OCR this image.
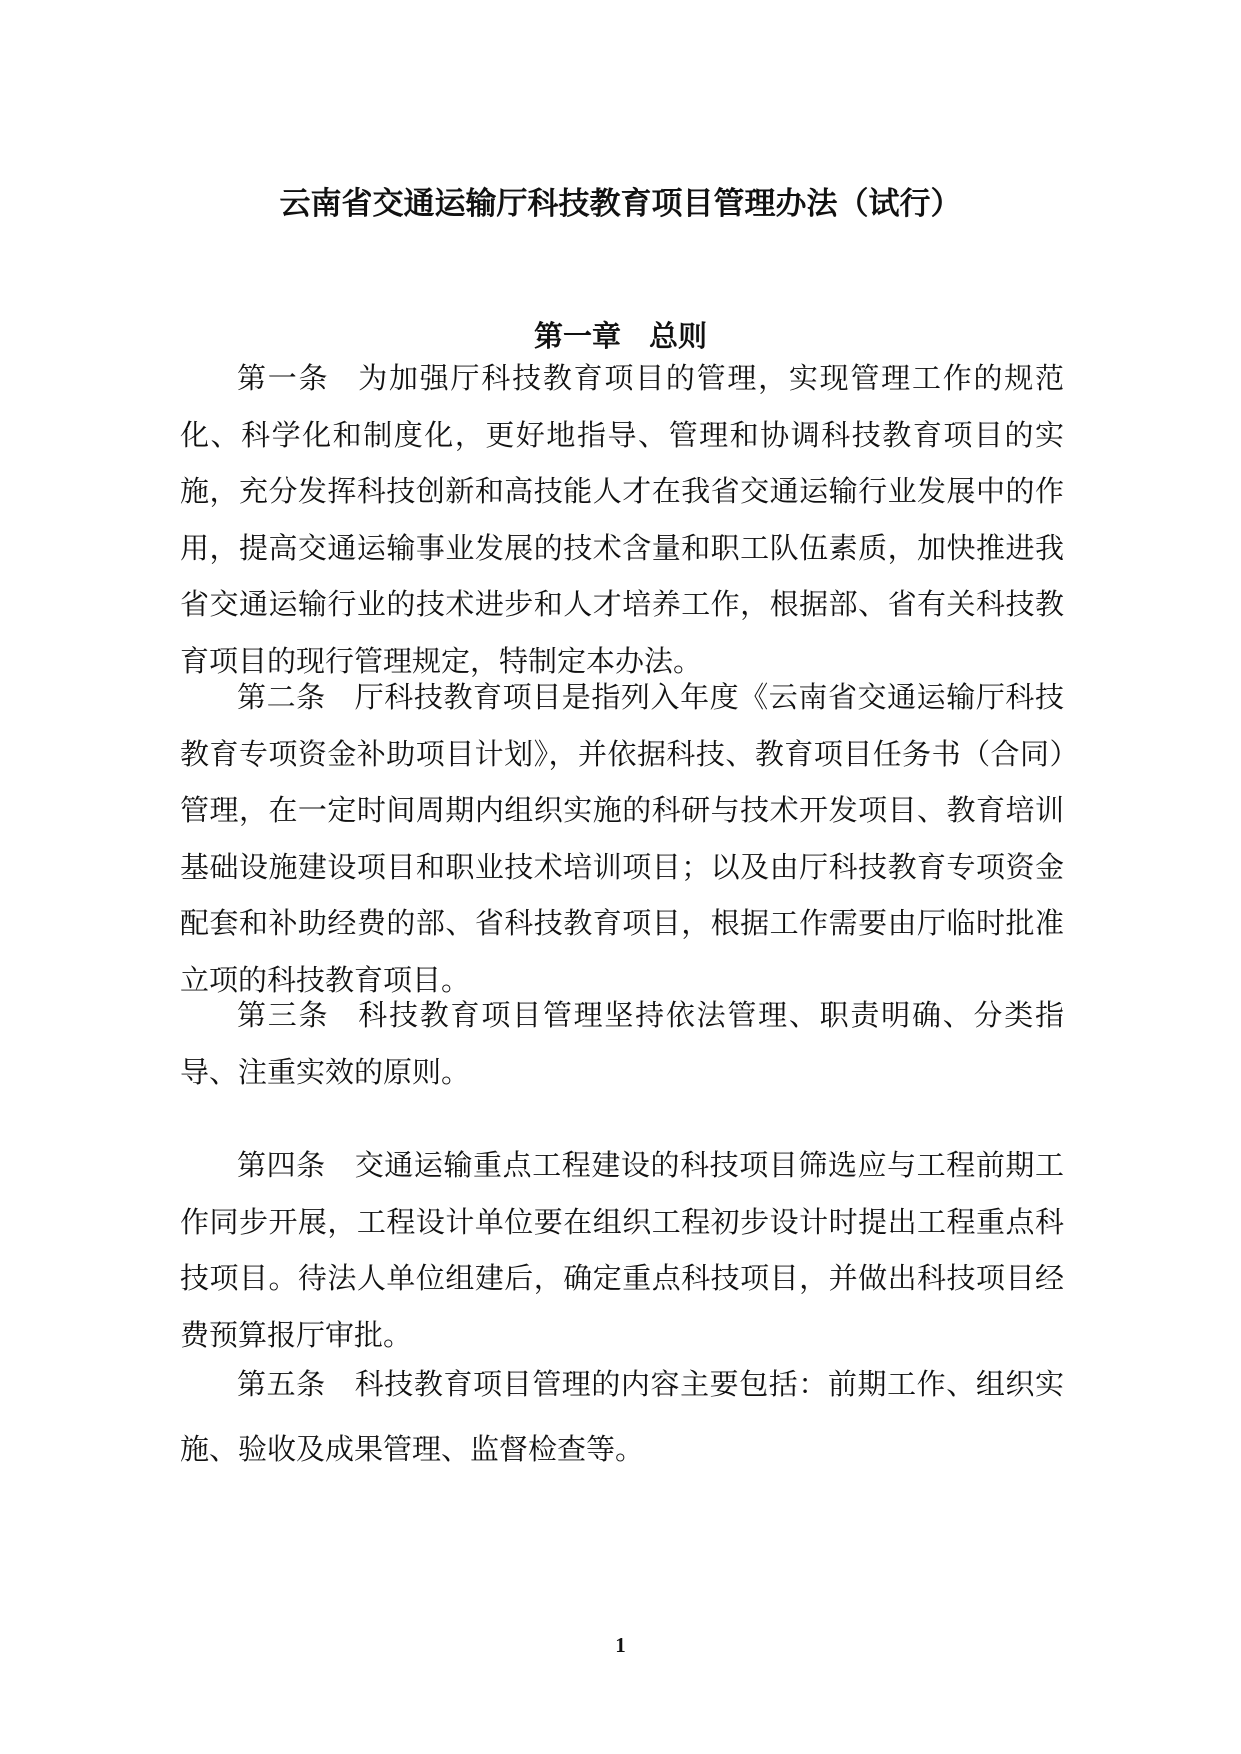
云南省交通运输厅科技教育项目管理办法（试行）
第一章 总则

第一条 为加强厅科技教育项目的管理，实现管理工作的规范化、科学化和制度化，更好地指导、管理和协调科技教育项目的实施，充分发挥科技创新和高技能人才在我省交通运输行业发展中的作用，提高交通运输事业发展的技术含量和职工队伍素质，加快推进我省交通运输行业的技术进步和人才培养工作，根据部、省有关科技教育项目的现行管理规定，特制定本办法。

第二条 厅科技教育项目是指列入年度《云南省交通运输厅科技教育专项资金补助项目计划》，并依据科技、教育项目任务书（合同）管理，在一定时间周期内组织实施的科研与技术开发项目、教育培训基础设施建设项目和职业技术培训项目；以及由厅科技教育专项资金配套和补助经费的部、省科技教育项目，根据工作需要由厅临时批准立项的科技教育项目。

第三条 科技教育项目管理坚持依法管理、职责明确、分类指导、注重实效的原则。

第四条 交通运输重点工程建设的科技项目筛选应与工程前期工作同步开展，工程设计单位要在组织工程初步设计时提出工程重点科技项目。待法人单位组建后，确定重点科技项目，并做出科技项目经费预算报厅审批。

第五条 科技教育项目管理的内容主要包括：前期工作、组织实施、验收及成果管理、监督检查等。

1
